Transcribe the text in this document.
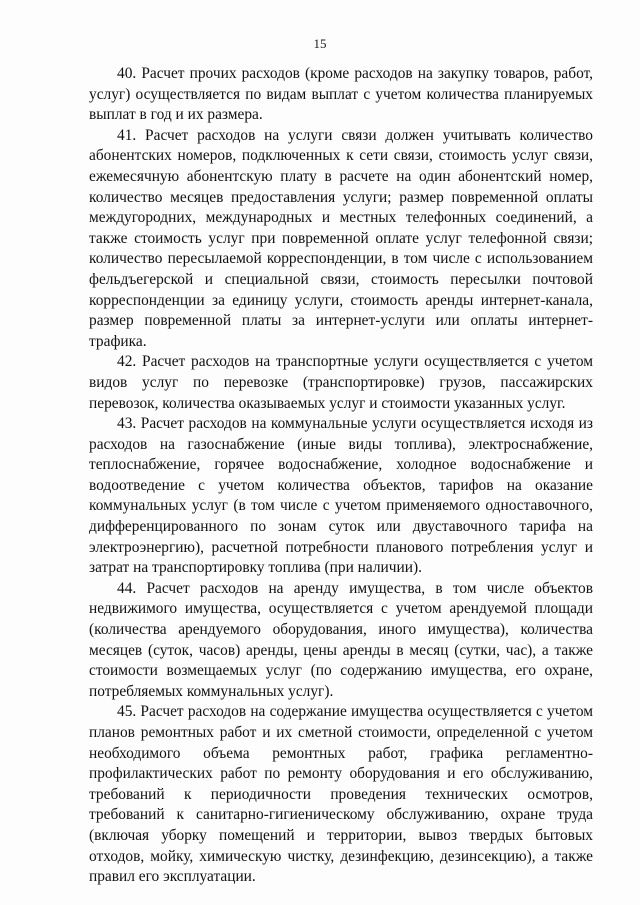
15

40. Расчет прочих расходов (кроме расходов на закупку товаров, работ, услуг) осуществляется по видам выплат с учетом количества планируемых выплат в год и их размера.

41. Расчет расходов на услуги связи должен учитывать количество абонентских номеров, подключенных к сети связи, стоимость услуг связи, ежемесячную абонентскую плату в расчете на один абонентский номер, количество месяцев предоставления услуги; размер повременной оплаты междугородних, международных и местных телефонных соединений, а также стоимость услуг при повременной оплате услуг телефонной связи; количество пересылаемой корреспонденции, в том числе с использованием фельдъегерской и специальной связи, стоимость пересылки почтовой корреспонденции за единицу услуги, стоимость аренды интернет-канала, размер повременной платы за интернет-услуги или оплаты интернет-трафика.

42. Расчет расходов на транспортные услуги осуществляется с учетом видов услуг по перевозке (транспортировке) грузов, пассажирских перевозок, количества оказываемых услуг и стоимости указанных услуг.

43. Расчет расходов на коммунальные услуги осуществляется исходя из расходов на газоснабжение (иные виды топлива), электроснабжение, теплоснабжение, горячее водоснабжение, холодное водоснабжение и водоотведение с учетом количества объектов, тарифов на оказание коммунальных услуг (в том числе с учетом применяемого одноставочного, дифференцированного по зонам суток или двуставочного тарифа на электроэнергию), расчетной потребности планового потребления услуг и затрат на транспортировку топлива (при наличии).

44. Расчет расходов на аренду имущества, в том числе объектов недвижимого имущества, осуществляется с учетом арендуемой площади (количества арендуемого оборудования, иного имущества), количества месяцев (суток, часов) аренды, цены аренды в месяц (сутки, час), а также стоимости возмещаемых услуг (по содержанию имущества, его охране, потребляемых коммунальных услуг).

45. Расчет расходов на содержание имущества осуществляется с учетом планов ремонтных работ и их сметной стоимости, определенной с учетом необходимого объема ремонтных работ, графика регламентно-профилактических работ по ремонту оборудования и его обслуживанию, требований к периодичности проведения технических осмотров, требований к санитарно-гигиеническому обслуживанию, охране труда (включая уборку помещений и территории, вывоз твердых бытовых отходов, мойку, химическую чистку, дезинфекцию, дезинсекцию), а также правил его эксплуатации.
